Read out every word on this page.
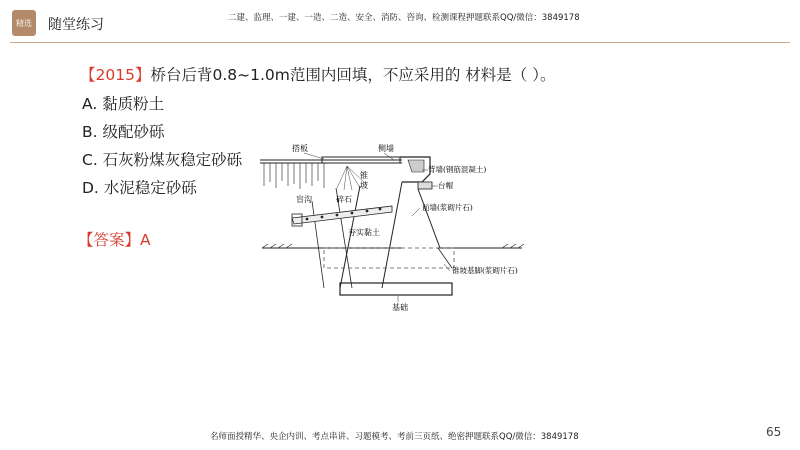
精选 随堂练习	二建、监理、一建、一造、二造、安全、消防、咨询、检测课程押题联系QQ/微信：3849178
【2015】桥台后背0.8~1.0m范围内回填，不应采用的 材料是（ ）。
A. 黏质粉土
B. 级配砂砾
C. 石灰粉煤灰稳定砂砾
D. 水泥稳定砂砾
【答案】A
搭板	侧墙
背墙(钢筋混凝土)
台帽
锥坡
盲沟	碎石
前墙(浆砌片石)
夯实黏土
锥坡基脚(浆砌片石)
基础
名师面授精华、央企内训、考点串讲、习题模考、考前三页纸、绝密押题联系QQ/微信：3849178	65
